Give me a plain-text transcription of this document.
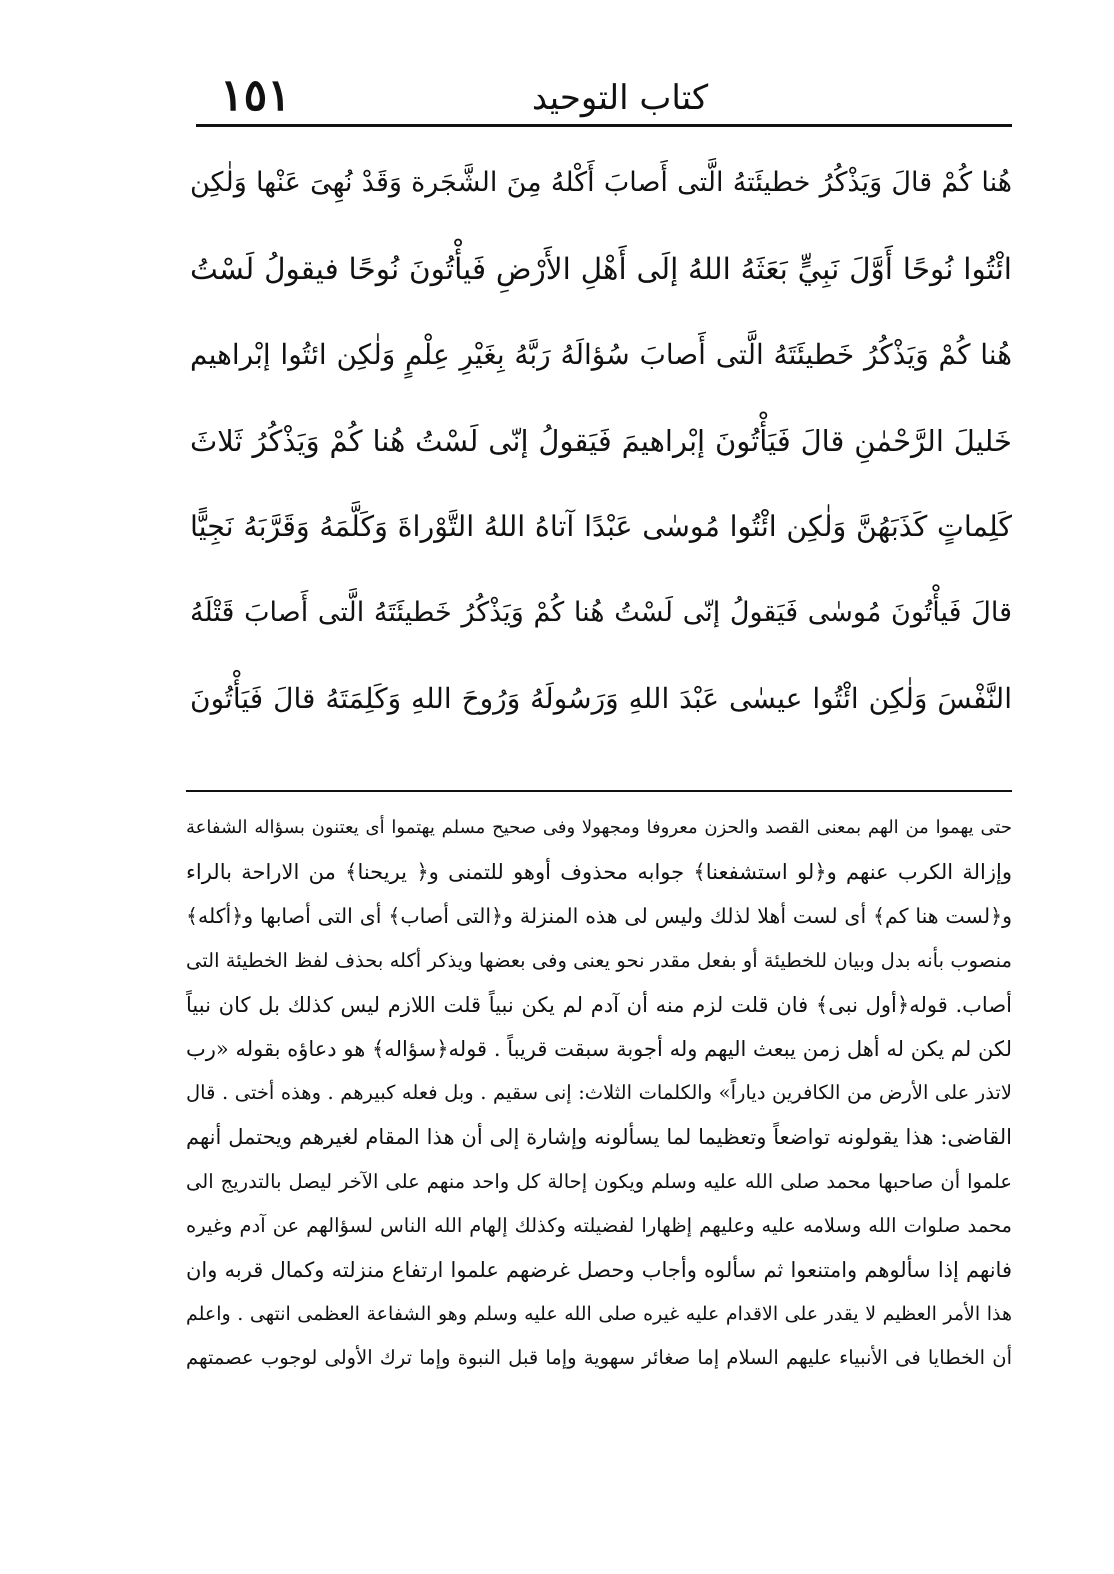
١٥١	كتاب التوحيد
هُنا كُمْ قالَ وَيَذْكُرُ خطيئَتهُ الَّتى أَصابَ أَكْلهُ مِنَ الشَّجَرة وَقَدْ نُهِىَ عَنْها وَلٰكِن
ائْتُوا نُوحًا أَوَّلَ نَبِيٍّ بَعَثَهُ اللهُ إلَى أَهْلِ الأَرْضِ فَيأْتُونَ نُوحًا فيقولُ لَسْتُ
هُنا كُمْ وَيَذْكُرُ خَطيئَتَهُ الَّتى أَصابَ سُؤالَهُ رَبَّهُ بِغَيْرِ عِلْمٍ وَلٰكِن ائتُوا إبْراهيم
خَليلَ الرَّحْمٰنِ قالَ فَيَأْتُونَ إبْراهيمَ فَيَقولُ إنّى لَسْتُ هُنا كُمْ وَيَذْكُرُ ثَلاثَ
كَلِماتٍ كَذَبَهُنَّ وَلٰكِن ائْتُوا مُوسٰى عَبْدًا آتاهُ اللهُ التَّوْراةَ وَكَلَّمَهُ وَقَرَّبَهُ نَجِيًّا
قالَ فَيأْتُونَ مُوسٰى فَيَقولُ إنّى لَسْتُ هُنا كُمْ وَيَذْكُرُ خَطيئَتَهُ الَّتى أَصابَ قَتْلَهُ
النَّفْسَ وَلٰكِن ائْتُوا عيسٰى عَبْدَ اللهِ وَرَسُولَهُ وَرُوحَ اللهِ وَكَلِمَتَهُ قالَ فَيَأْتُونَ
حتى يهموا من الهم بمعنى القصد والحزن معروفا ومجهولا وفى صحيح مسلم يهتموا أى يعتنون بسؤاله الشفاعة
وإزالة الكرب عنهم و﴿لو استشفعنا﴾ جوابه محذوف أوهو للتمنى و﴿ يريحنا﴾ من الاراحة بالراء
و﴿لست هنا كم﴾ أى لست أهلا لذلك وليس لى هذه المنزلة و﴿التى أصاب﴾ أى التى أصابها و﴿أكله﴾
منصوب بأنه بدل وبيان للخطيئة أو بفعل مقدر نحو يعنى وفى بعضها ويذكر أكله بحذف لفظ الخطيئة التى
أصاب. قوله﴿أول نبى﴾ فان قلت لزم منه أن آدم لم يكن نبياً قلت اللازم ليس كذلك بل كان نبياً
لكن لم يكن له أهل زمن يبعث اليهم وله أجوبة سبقت قريباً . قوله﴿سؤاله﴾ هو دعاؤه بقوله «رب
لاتذر على الأرض من الكافرين دياراً» والكلمات الثلاث: إنى سقيم . وبل فعله كبيرهم . وهذه أختى . قال
القاضى: هذا يقولونه تواضعاً وتعظيما لما يسألونه وإشارة إلى أن هذا المقام لغيرهم ويحتمل أنهم
علموا أن صاحبها محمد صلى الله عليه وسلم ويكون إحالة كل واحد منهم على الآخر ليصل بالتدريج الى
محمد صلوات الله وسلامه عليه وعليهم إظهارا لفضيلته وكذلك إلهام الله الناس لسؤالهم عن آدم وغيره
فانهم إذا سألوهم وامتنعوا ثم سألوه وأجاب وحصل غرضهم علموا ارتفاع منزلته وكمال قربه وان
هذا الأمر العظيم لا يقدر على الاقدام عليه غيره صلى الله عليه وسلم وهو الشفاعة العظمى انتهى . واعلم
أن الخطايا فى الأنبياء عليهم السلام إما صغائر سهوية وإما قبل النبوة وإما ترك الأولى لوجوب عصمتهم
